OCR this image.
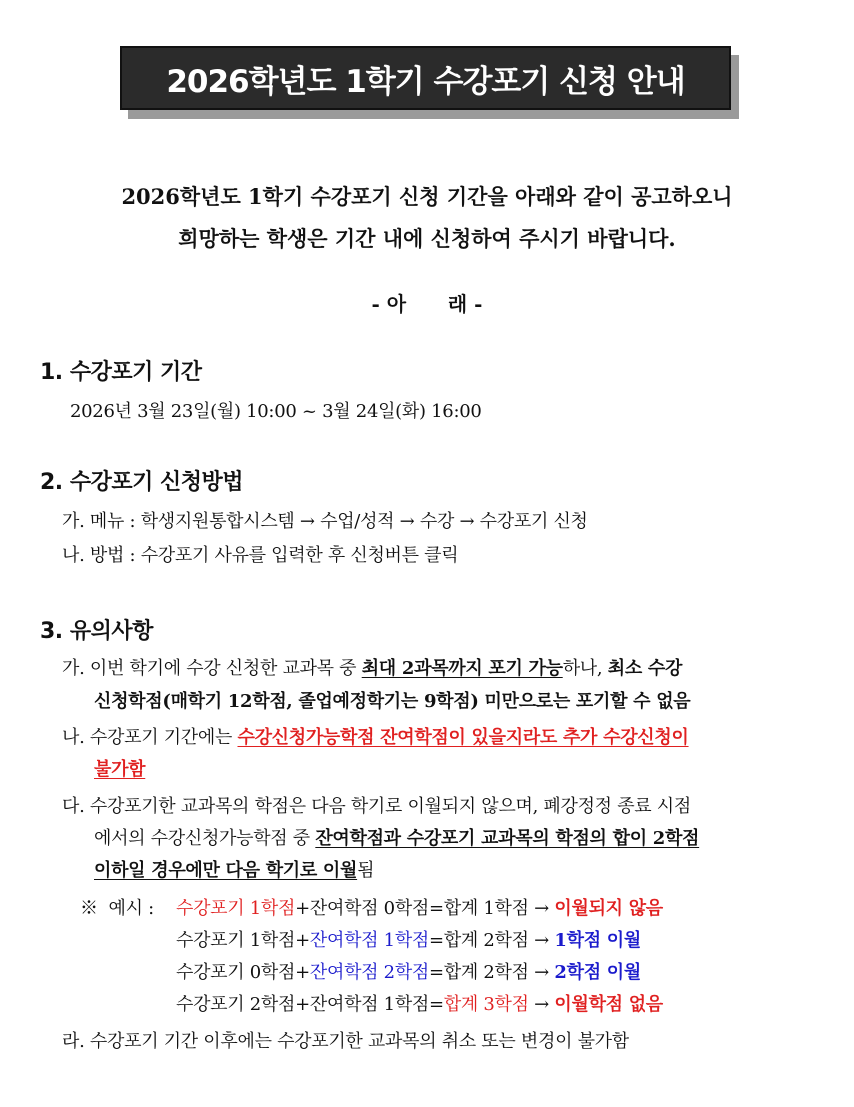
2026학년도 1학기 수강포기 신청 안내
2026학년도 1학기 수강포기 신청 기간을 아래와 같이 공고하오니
희망하는 학생은 기간 내에 신청하여 주시기 바랍니다.
- 아      래 -
1. 수강포기 기간
2026년 3월 23일(월) 10:00 ~ 3월 24일(화) 16:00
2. 수강포기 신청방법
가. 메뉴 : 학생지원통합시스템 → 수업/성적 → 수강 → 수강포기 신청
나. 방법 : 수강포기 사유를 입력한 후 신청버튼 클릭
3. 유의사항
가. 이번 학기에 수강 신청한 교과목 중 최대 2과목까지 포기 가능하나, 최소 수강
신청학점(매학기 12학점, 졸업예정학기는 9학점) 미만으로는 포기할 수 없음
나. 수강포기 기간에는 수강신청가능학점 잔여학점이 있을지라도 추가 수강신청이
불가함
다. 수강포기한 교과목의 학점은 다음 학기로 이월되지 않으며, 폐강정정 종료 시점
에서의 수강신청가능학점 중 잔여학점과 수강포기 교과목의 학점의 합이 2학점
이하일 경우에만 다음 학기로 이월됨
※  예시 : 수강포기 1학점+잔여학점 0학점=합계 1학점 → 이월되지 않음
수강포기 1학점+잔여학점 1학점=합계 2학점 → 1학점 이월
수강포기 0학점+잔여학점 2학점=합계 2학점 → 2학점 이월
수강포기 2학점+잔여학점 1학점=합계 3학점 → 이월학점 없음
라. 수강포기 기간 이후에는 수강포기한 교과목의 취소 또는 변경이 불가함
